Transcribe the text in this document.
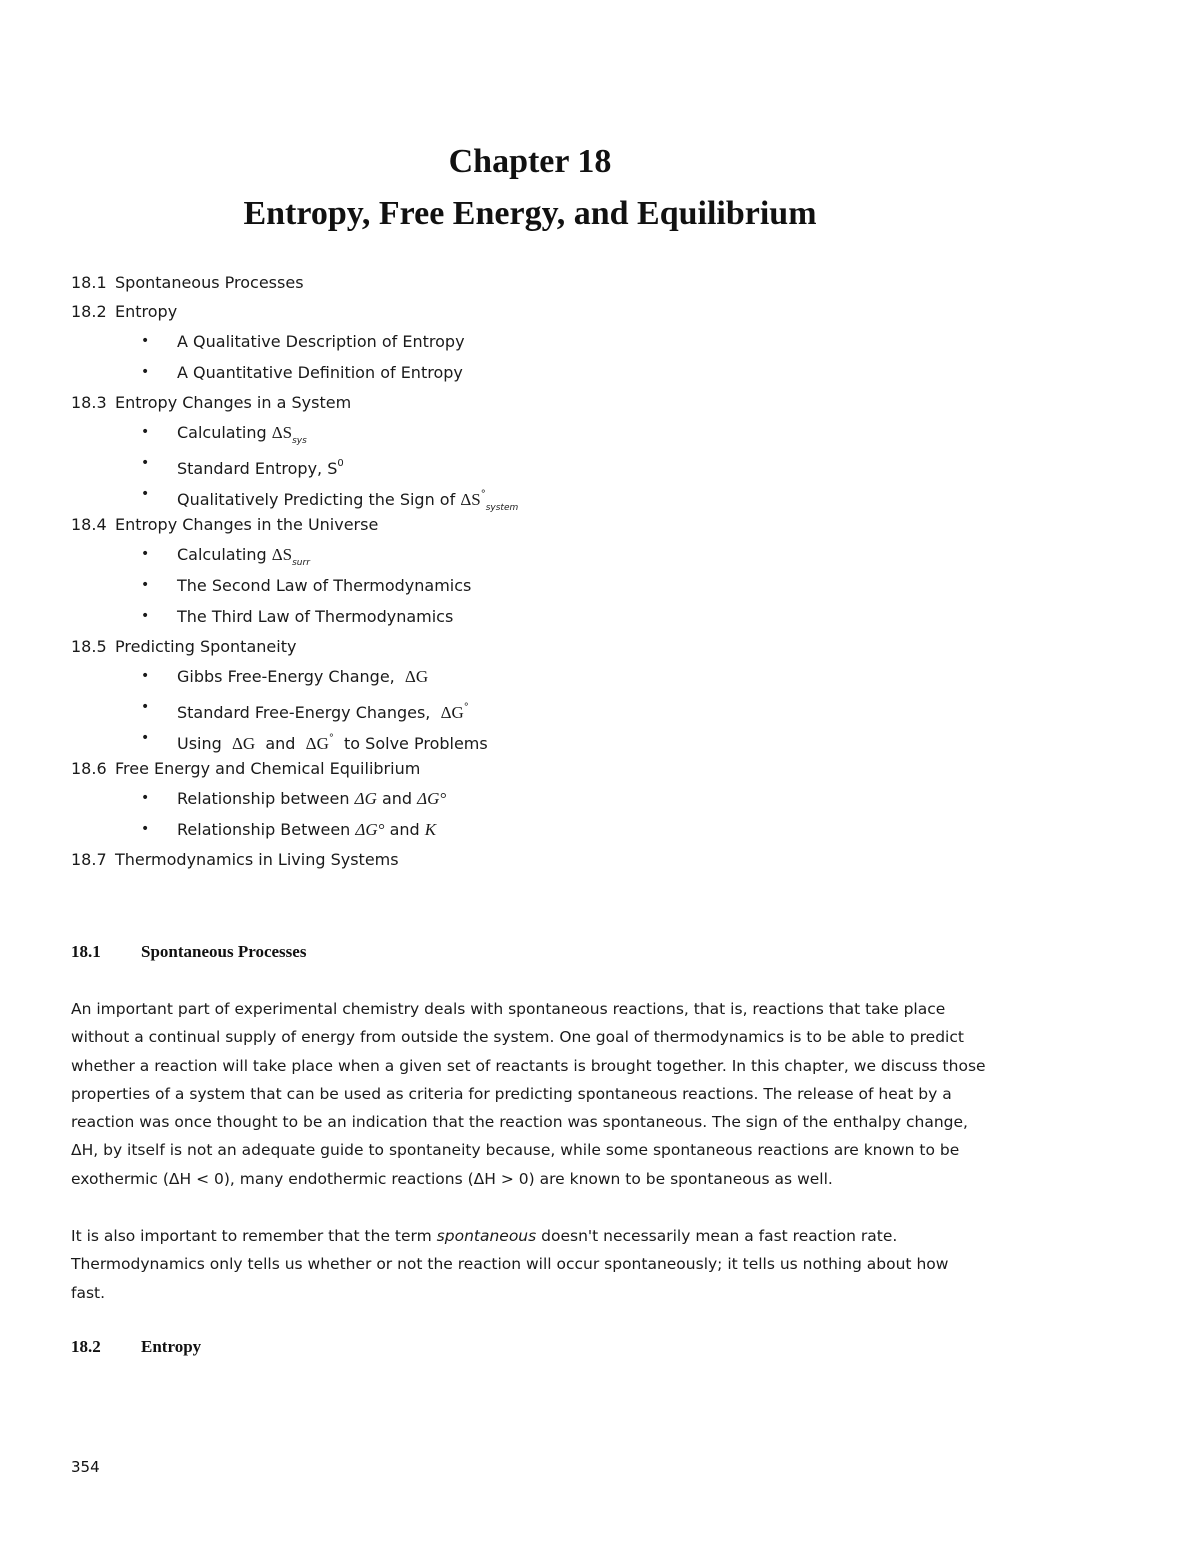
Chapter 18
Entropy, Free Energy, and Equilibrium
18.1 Spontaneous Processes
18.2 Entropy
• A Qualitative Description of Entropy
• A Quantitative Definition of Entropy
18.3 Entropy Changes in a System
• Calculating $\Delta S_{sys}$
• Standard Entropy, $S^0$
• Qualitatively Predicting the Sign of $\Delta S^\circ_{system}$
18.4 Entropy Changes in the Universe
• Calculating $\Delta S_{surr}$
• The Second Law of Thermodynamics
• The Third Law of Thermodynamics
18.5 Predicting Spontaneity
• Gibbs Free-Energy Change, ΔG
• Standard Free-Energy Changes, ΔG°
• Using ΔG and ΔG° to Solve Problems
18.6 Free Energy and Chemical Equilibrium
• Relationship between ΔG and ΔG°
• Relationship Between ΔG° and K
18.7 Thermodynamics in Living Systems
18.1 Spontaneous Processes
An important part of experimental chemistry deals with spontaneous reactions, that is, reactions that take place
without a continual supply of energy from outside the system. One goal of thermodynamics is to be able to predict
whether a reaction will take place when a given set of reactants is brought together. In this chapter, we discuss those
properties of a system that can be used as criteria for predicting spontaneous reactions. The release of heat by a
reaction was once thought to be an indication that the reaction was spontaneous. The sign of the enthalpy change,
ΔH, by itself is not an adequate guide to spontaneity because, while some spontaneous reactions are known to be
exothermic (ΔH < 0), many endothermic reactions (ΔH > 0) are known to be spontaneous as well.
It is also important to remember that the term spontaneous doesn't necessarily mean a fast reaction rate.
Thermodynamics only tells us whether or not the reaction will occur spontaneously; it tells us nothing about how
fast.
18.2 Entropy
354
